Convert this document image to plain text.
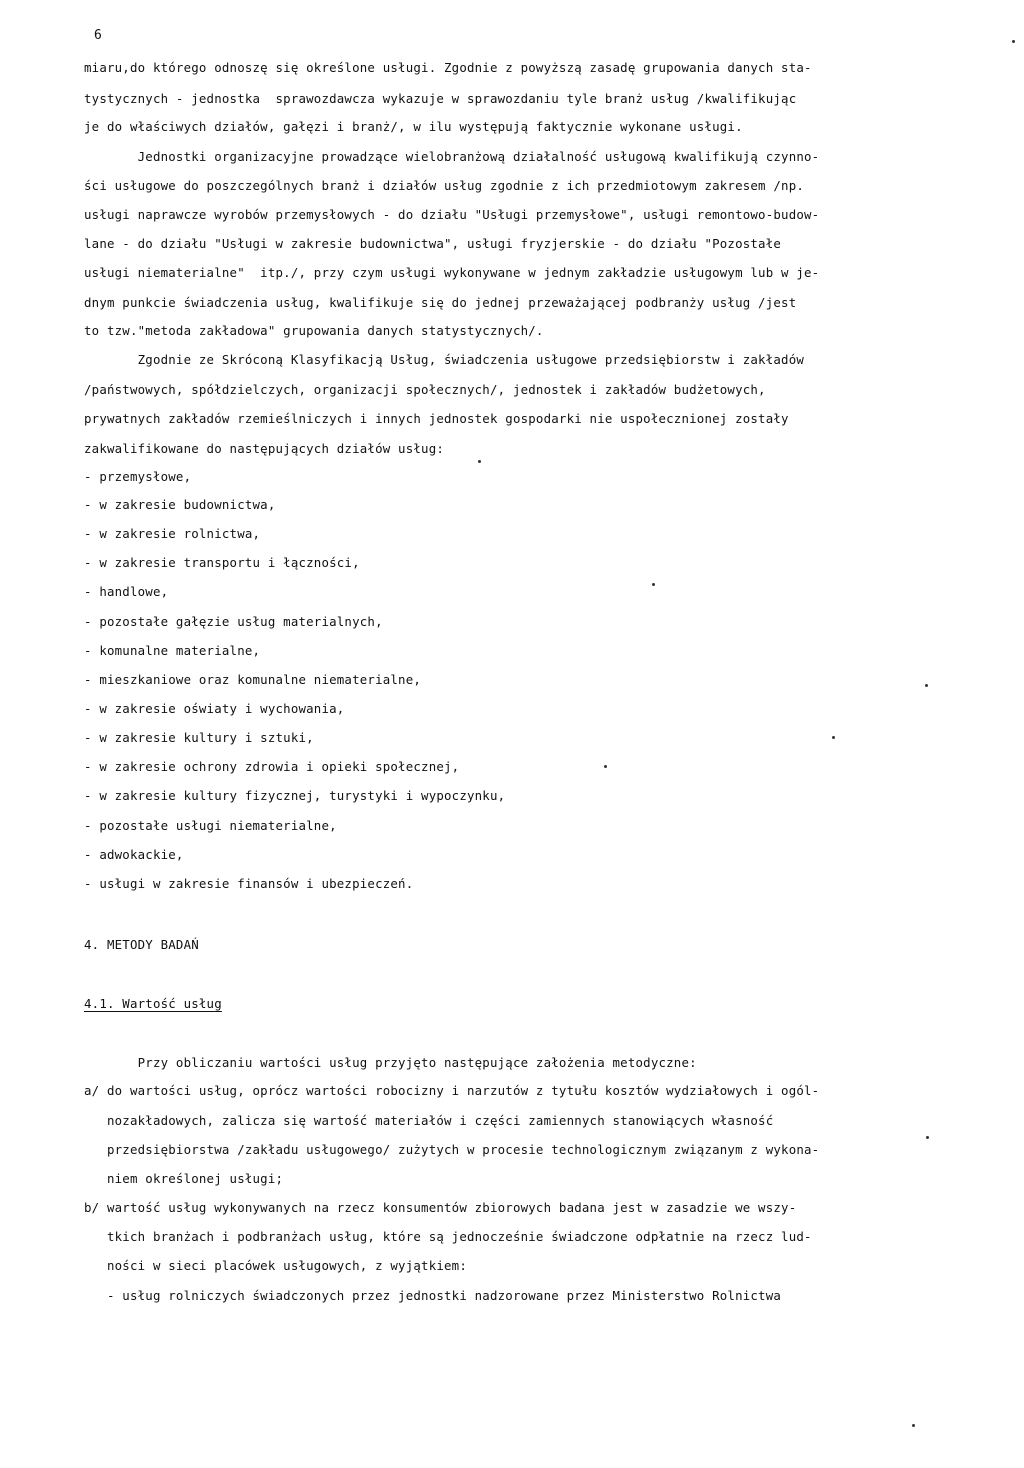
6
miaru,do którego odnoszę się określone usługi. Zgodnie z powyższą zasadę grupowania danych sta-
tystycznych - jednostka  sprawozdawcza wykazuje w sprawozdaniu tyle branż usług /kwalifikując
je do właściwych działów, gałęzi i branż/, w ilu występują faktycznie wykonane usługi.
Jednostki organizacyjne prowadzące wielobranżową działalność usługową kwalifikują czynno-
ści usługowe do poszczególnych branż i działów usług zgodnie z ich przedmiotowym zakresem /np.
usługi naprawcze wyrobów przemysłowych - do działu "Usługi przemysłowe", usługi remontowo-budow-
lane - do działu "Usługi w zakresie budownictwa", usługi fryzjerskie - do działu "Pozostałe
usługi niematerialne"  itp./, przy czym usługi wykonywane w jednym zakładzie usługowym lub w je-
dnym punkcie świadczenia usług, kwalifikuje się do jednej przeważającej podbranży usług /jest
to tzw."metoda zakładowa" grupowania danych statystycznych/.
Zgodnie ze Skróconą Klasyfikacją Usług, świadczenia usługowe przedsiębiorstw i zakładów
/państwowych, spółdzielczych, organizacji społecznych/, jednostek i zakładów budżetowych,
prywatnych zakładów rzemieślniczych i innych jednostek gospodarki nie uspołecznionej zostały
zakwalifikowane do następujących działów usług:
- przemysłowe,
- w zakresie budownictwa,
- w zakresie rolnictwa,
- w zakresie transportu i łączności,
- handlowe,
- pozostałe gałęzie usług materialnych,
- komunalne materialne,
- mieszkaniowe oraz komunalne niematerialne,
- w zakresie oświaty i wychowania,
- w zakresie kultury i sztuki,
- w zakresie ochrony zdrowia i opieki społecznej,
- w zakresie kultury fizycznej, turystyki i wypoczynku,
- pozostałe usługi niematerialne,
- adwokackie,
- usługi w zakresie finansów i ubezpieczeń.
4. METODY BADAŃ
4.1. Wartość usług
Przy obliczaniu wartości usług przyjęto następujące założenia metodyczne:
a/ do wartości usług, oprócz wartości robocizny i narzutów z tytułu kosztów wydziałowych i ogól-
nozakładowych, zalicza się wartość materiałów i części zamiennych stanowiących własność
przedsiębiorstwa /zakładu usługowego/ zużytych w procesie technologicznym związanym z wykona-
niem określonej usługi;
b/ wartość usług wykonywanych na rzecz konsumentów zbiorowych badana jest w zasadzie we wszy-
tkich branżach i podbranżach usług, które są jednocześnie świadczone odpłatnie na rzecz lud-
ności w sieci placówek usługowych, z wyjątkiem:
- usług rolniczych świadczonych przez jednostki nadzorowane przez Ministerstwo Rolnictwa
